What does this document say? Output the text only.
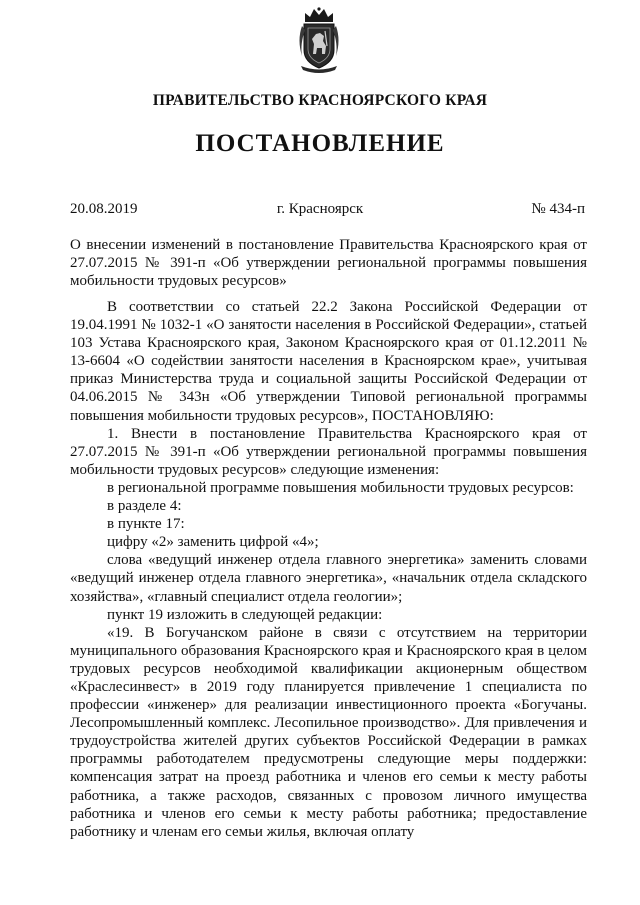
ПРАВИТЕЛЬСТВО КРАСНОЯРСКОГО КРАЯ
ПОСТАНОВЛЕНИЕ
20.08.2019	г. Красноярск	№ 434-п
О внесении изменений в постановление Правительства Красноярского края от 27.07.2015 № 391-п «Об утверждении региональной программы повышения мобильности трудовых ресурсов»

В соответствии со статьей 22.2 Закона Российской Федерации от 19.04.1991 № 1032-1 «О занятости населения в Российской Федерации», статьей 103 Устава Красноярского края, Законом Красноярского края от 01.12.2011 № 13-6604 «О содействии занятости населения в Красноярском крае», учитывая приказ Министерства труда и социальной защиты Российской Федерации от 04.06.2015 № 343н «Об утверждении Типовой региональной программы повышения мобильности трудовых ресурсов», ПОСТАНОВЛЯЮ:

1. Внести в постановление Правительства Красноярского края от 27.07.2015 № 391-п «Об утверждении региональной программы повышения мобильности трудовых ресурсов» следующие изменения:

в региональной программе повышения мобильности трудовых ресурсов:

в разделе 4:

в пункте 17:

цифру «2» заменить цифрой «4»;

слова «ведущий инженер отдела главного энергетика» заменить словами «ведущий инженер отдела главного энергетика», «начальник отдела складского хозяйства», «главный специалист отдела геологии»;

пункт 19 изложить в следующей редакции:

«19. В Богучанском районе в связи с отсутствием на территории муниципального образования Красноярского края и Красноярского края в целом трудовых ресурсов необходимой квалификации акционерным обществом «Краслесинвест» в 2019 году планируется привлечение 1 специалиста по профессии «инженер» для реализации инвестиционного проекта «Богучаны. Лесопромышленный комплекс. Лесопильное производство». Для привлечения и трудоустройства жителей других субъектов Российской Федерации в рамках программы работодателем предусмотрены следующие меры поддержки: компенсация затрат на проезд работника и членов его семьи к месту работы работника, а также расходов, связанных с провозом личного имущества работника и членов его семьи к месту работы работника; предоставление работнику и членам его семьи жилья, включая оплату
